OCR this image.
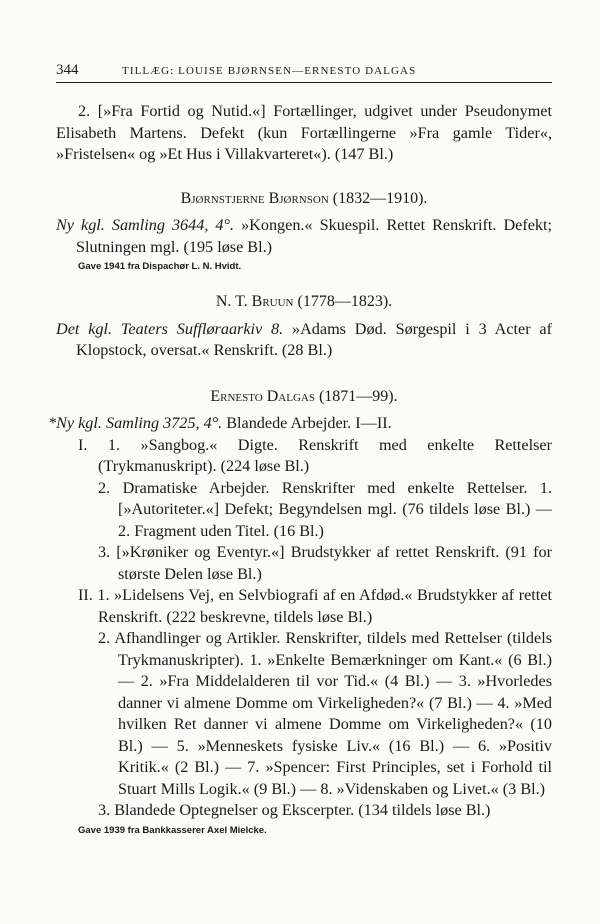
344	TILLÆG: LOUISE BJØRNSEN—ERNESTO DALGAS

2. [»Fra Fortid og Nutid.«] Fortællinger, udgivet under Pseudonymet Elisabeth Martens. Defekt (kun Fortællingerne »Fra gamle Tider«, »Fristelsen« og »Et Hus i Villakvarteret«). (147 Bl.)

Bjørnstjerne Bjørnson (1832—1910).

Ny kgl. Samling 3644, 4°. »Kongen.« Skuespil. Rettet Renskrift. Defekt; Slutningen mgl. (195 løse Bl.)

Gave 1941 fra Dispachør L. N. Hvidt.

N. T. Bruun (1778—1823).

Det kgl. Teaters Suffløraarkiv 8. »Adams Død. Sørgespil i 3 Acter af Klopstock, oversat.« Renskrift. (28 Bl.)

Ernesto Dalgas (1871—99).

*Ny kgl. Samling 3725, 4°. Blandede Arbejder. I—II.

I. 1. »Sangbog.« Digte. Renskrift med enkelte Rettelser (Trykmanuskript). (224 løse Bl.)

2. Dramatiske Arbejder. Renskrifter med enkelte Rettelser. 1. [»Autoriteter.«] Defekt; Begyndelsen mgl. (76 tildels løse Bl.) — 2. Fragment uden Titel. (16 Bl.)

3. [»Krøniker og Eventyr.«] Brudstykker af rettet Renskrift. (91 for største Delen løse Bl.)

II. 1. »Lidelsens Vej, en Selvbiografi af en Afdød.« Brudstykker af rettet Renskrift. (222 beskrevne, tildels løse Bl.)

2. Afhandlinger og Artikler. Renskrifter, tildels med Rettelser (tildels Trykmanuskripter). 1. »Enkelte Bemærkninger om Kant.« (6 Bl.) — 2. »Fra Middelalderen til vor Tid.« (4 Bl.) — 3. »Hvorledes danner vi almene Domme om Virkeligheden?« (7 Bl.) — 4. »Med hvilken Ret danner vi almene Domme om Virkeligheden?« (10 Bl.) — 5. »Menneskets fysiske Liv.« (16 Bl.) — 6. »Positiv Kritik.« (2 Bl.) — 7. »Spencer: First Principles, set i Forhold til Stuart Mills Logik.« (9 Bl.) — 8. »Videnskaben og Livet.« (3 Bl.)

3. Blandede Optegnelser og Ekscerpter. (134 tildels løse Bl.)

Gave 1939 fra Bankkasserer Axel Mielcke.
